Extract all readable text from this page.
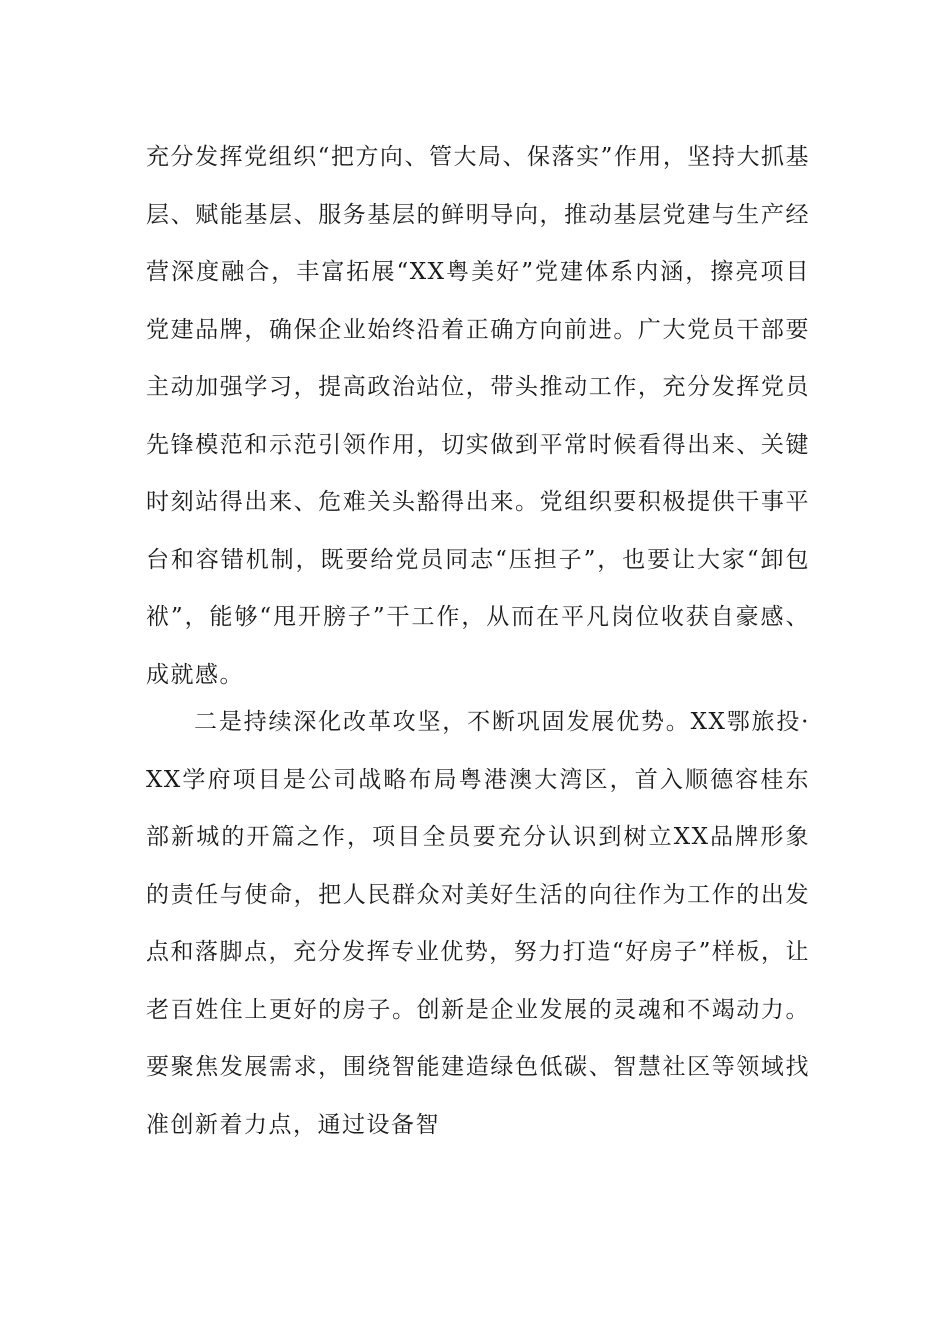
充分发挥党组织“把方向、管大局、保落实”作用，坚持大抓基层、赋能基层、服务基层的鲜明导向，推动基层党建与生产经营深度融合，丰富拓展“XX粤美好”党建体系内涵，擦亮项目党建品牌，确保企业始终沿着正确方向前进。广大党员干部要主动加强学习，提高政治站位，带头推动工作，充分发挥党员先锋模范和示范引领作用，切实做到平常时候看得出来、关键时刻站得出来、危难关头豁得出来。党组织要积极提供干事平台和容错机制，既要给党员同志“压担子”，也要让大家“卸包袱”，能够“甩开膀子”干工作，从而在平凡岗位收获自豪感、成就感。

二是持续深化改革攻坚，不断巩固发展优势。XX鄂旅投·XX学府项目是公司战略布局粤港澳大湾区，首入顺德容桂东部新城的开篇之作，项目全员要充分认识到树立XX品牌形象的责任与使命，把人民群众对美好生活的向往作为工作的出发点和落脚点，充分发挥专业优势，努力打造“好房子”样板，让老百姓住上更好的房子。创新是企业发展的灵魂和不竭动力。要聚焦发展需求，围绕智能建造绿色低碳、智慧社区等领域找准创新着力点，通过设备智
